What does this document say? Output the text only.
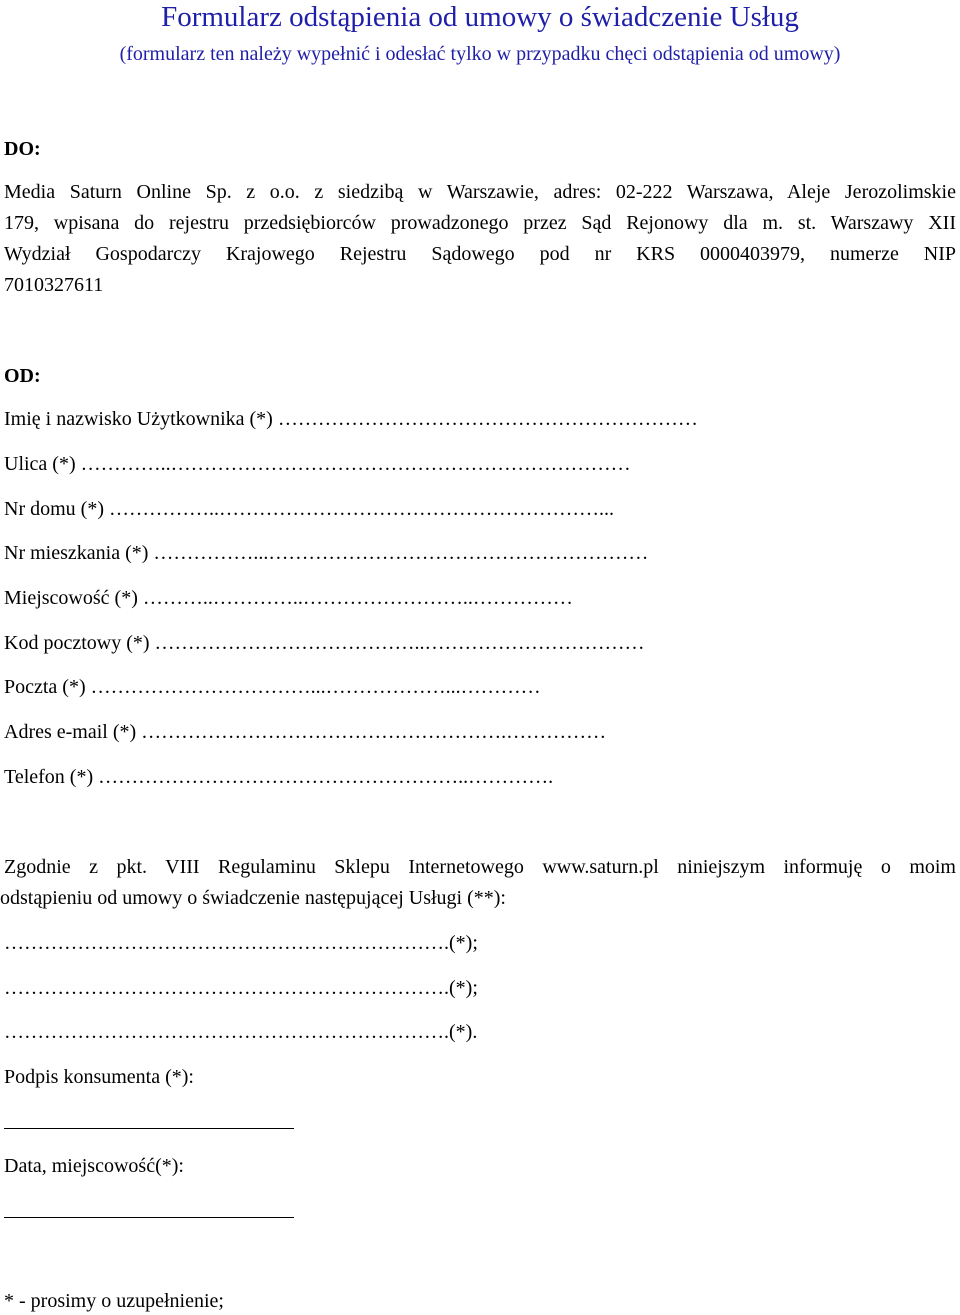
Formularz odstąpienia od umowy o świadczenie Usług
(formularz ten należy wypełnić i odesłać tylko w przypadku chęci odstąpienia od umowy)
DO:
Media Saturn Online Sp. z o.o. z siedzibą w Warszawie, adres: 02-222 Warszawa, Aleje Jerozolimskie
179, wpisana do rejestru przedsiębiorców prowadzonego przez Sąd Rejonowy dla m. st. Warszawy XII
Wydział Gospodarczy Krajowego Rejestru Sądowego pod nr KRS 0000403979, numerze NIP
7010327611
OD:
Imię i nazwisko Użytkownika (*) ………………………………………………………
Ulica (*) …………..……………………………………………………………
Nr domu (*) ……………..…………………………………………………...
Nr mieszkania (*) ……………...…………………………………………………
Miejscowość (*) ………..…………..……………………..……………
Kod pocztowy (*) …………………………………..……………………………
Poczta (*) ……………………………...………………...…………
Adres e-mail (*) ……………………………………………….……………
Telefon (*) ………………………………………………..………….
Zgodnie z pkt. VIII Regulaminu Sklepu Internetowego www.saturn.pl niniejszym informuję o moim
odstąpieniu od umowy o świadczenie następującej Usługi (**):
………………………………………………………….(*);
………………………………………………………….(*);
………………………………………………………….(*).
Podpis konsumenta (*):
Data, miejscowość(*):
* - prosimy o uzupełnienie;
